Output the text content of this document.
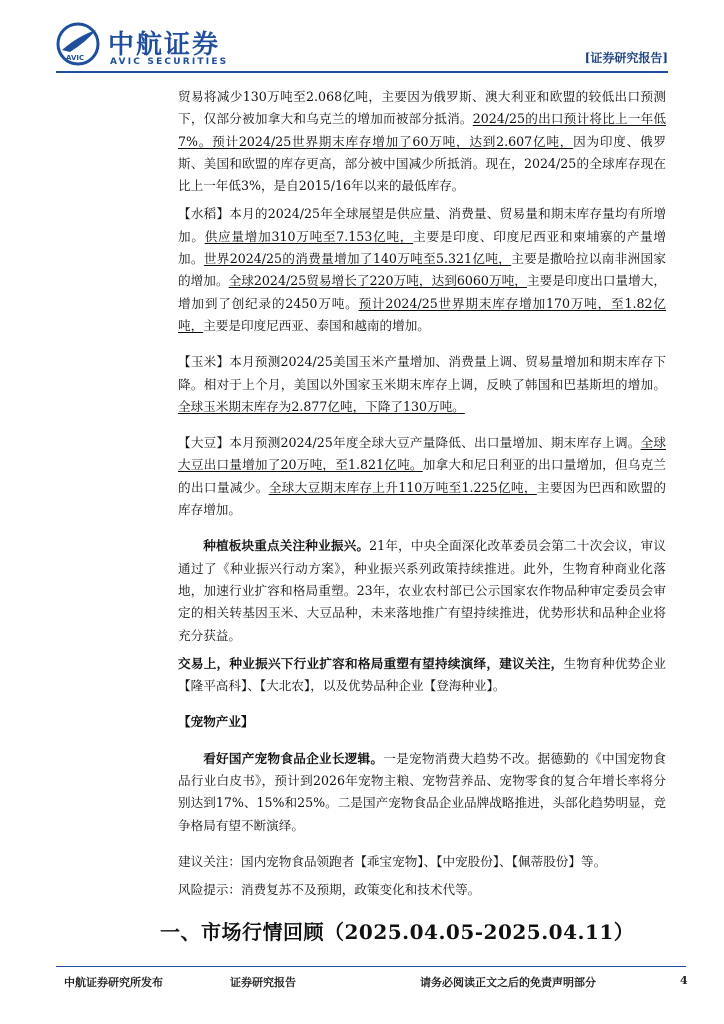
AVIC 中航证券
AVIC SECURITIES	[证券研究报告]

贸易将减少130万吨至2.068亿吨，主要因为俄罗斯、澳大利亚和欧盟的较低出口预测下，仅部分被加拿大和乌克兰的增加而被部分抵消。2024/25的出口预计将比上一年低7%。预计2024/25世界期末库存增加了60万吨，达到2.607亿吨，因为印度、俄罗斯、美国和欧盟的库存更高，部分被中国减少所抵消。现在，2024/25的全球库存现在比上一年低3%，是自2015/16年以来的最低库存。

【水稻】本月的2024/25年全球展望是供应量、消费量、贸易量和期末库存量均有所增加。供应量增加310万吨至7.153亿吨，主要是印度、印度尼西亚和柬埔寨的产量增加。世界2024/25的消费量增加了140万吨至5.321亿吨，主要是撒哈拉以南非洲国家的增加。全球2024/25贸易增长了220万吨，达到6060万吨，主要是印度出口量增大，增加到了创纪录的2450万吨。预计2024/25世界期末库存增加170万吨，至1.82亿吨，主要是印度尼西亚、泰国和越南的增加。

【玉米】本月预测2024/25美国玉米产量增加、消费量上调、贸易量增加和期末库存下降。相对于上个月，美国以外国家玉米期末库存上调，反映了韩国和巴基斯坦的增加。全球玉米期末库存为2.877亿吨，下降了130万吨。

【大豆】本月预测2024/25年度全球大豆产量降低、出口量增加、期末库存上调。全球大豆出口量增加了20万吨，至1.821亿吨。加拿大和尼日利亚的出口量增加，但乌克兰的出口量减少。全球大豆期末库存上升110万吨至1.225亿吨，主要因为巴西和欧盟的库存增加。

种植板块重点关注种业振兴。21年，中央全面深化改革委员会第二十次会议，审议通过了《种业振兴行动方案》，种业振兴系列政策持续推进。此外，生物育种商业化落地，加速行业扩容和格局重塑。23年，农业农村部已公示国家农作物品种审定委员会审定的相关转基因玉米、大豆品种，未来落地推广有望持续推进，优势形状和品种企业将充分获益。

交易上，种业振兴下行业扩容和格局重塑有望持续演绎，建议关注，生物育种优势企业【隆平高科】、【大北农】，以及优势品种企业【登海种业】。

【宠物产业】

看好国产宠物食品企业长逻辑。一是宠物消费大趋势不改。据德勤的《中国宠物食品行业白皮书》，预计到2026年宠物主粮、宠物营养品、宠物零食的复合年增长率将分别达到17%、15%和25%。二是国产宠物食品企业品牌战略推进，头部化趋势明显，竞争格局有望不断演绎。

建议关注：国内宠物食品领跑者【乖宝宠物】、【中宠股份】、【佩蒂股份】等。

风险提示：消费复苏不及预期，政策变化和技术代等。

一、市场行情回顾（2025.04.05-2025.04.11）
中航证券研究所发布	证券研究报告	请务必阅读正文之后的免责声明部分	4
